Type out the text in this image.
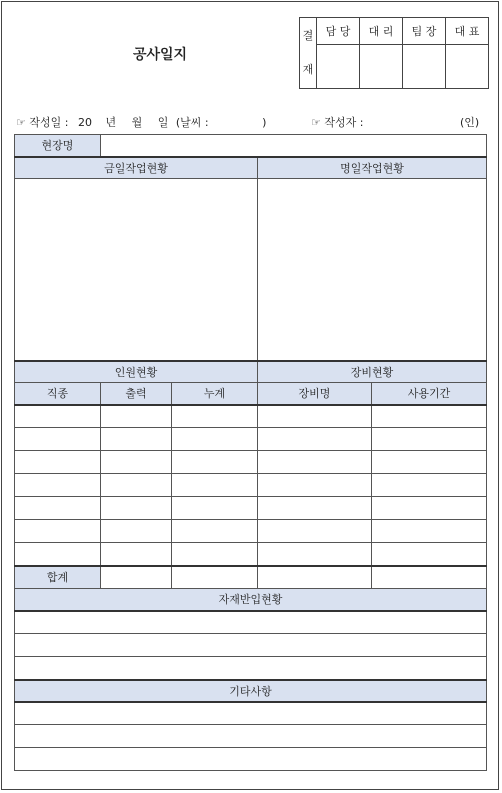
공사일지
결
재	담 당	대 리	팀 장	대 표

☞ 작성일 : 20 년 월 일 (날씨 :	)	☞ 작성자 :	(인)
현장명				
금일작업현황			명일작업현황	

인원현황			장비현황	
직종	출력	누계	장비명	사용기간

합계				
자재반입현황				

기타사항				
